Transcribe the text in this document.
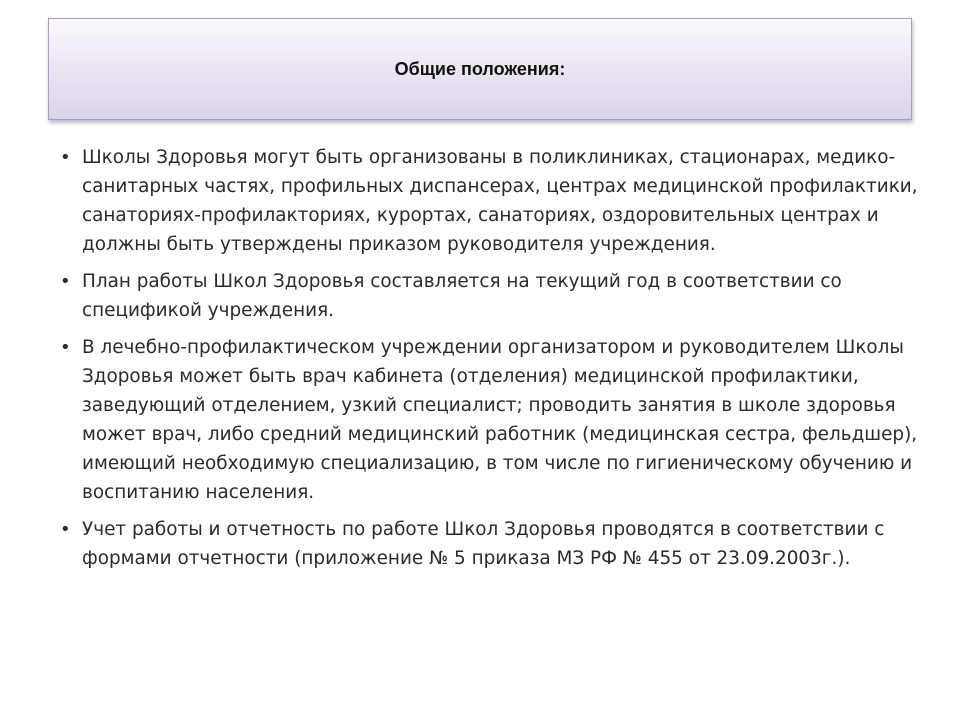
Общие положения:
• Школы Здоровья могут быть организованы в поликлиниках, стационарах, медико-санитарных частях, профильных диспансерах, центрах медицинской профилактики, санаториях-профилакториях, курортах, санаториях, оздоровительных центрах и должны быть утверждены приказом руководителя учреждения.
• План работы Школ Здоровья составляется на текущий год в соответствии со спецификой учреждения.
• В лечебно-профилактическом учреждении организатором и руководителем Школы Здоровья может быть врач кабинета (отделения) медицинской профилактики, заведующий отделением, узкий специалист; проводить занятия в школе здоровья может врач, либо средний медицинский работник (медицинская сестра, фельдшер), имеющий необходимую специализацию, в том числе по гигиеническому обучению и воспитанию населения.
• Учет работы и отчетность по работе Школ Здоровья проводятся в соответствии с формами отчетности (приложение № 5 приказа МЗ РФ № 455 от 23.09.2003г.).
